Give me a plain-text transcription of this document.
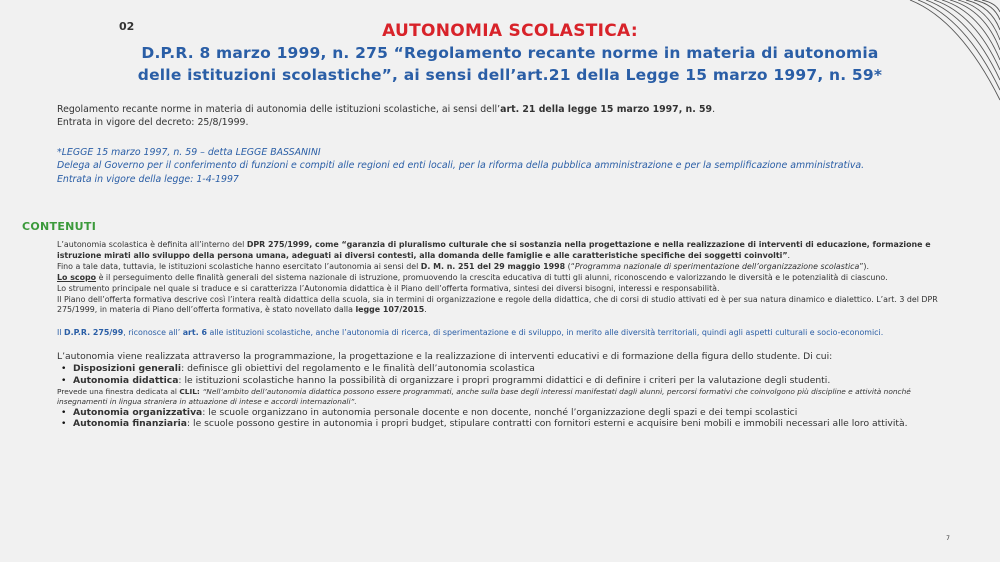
02	AUTONOMIA SCOLASTICA:
D.P.R. 8 marzo 1999, n. 275 “Regolamento recante norme in materia di autonomia
delle istituzioni scolastiche”, ai sensi dell’art.21 della Legge 15 marzo 1997, n. 59*
Regolamento recante norme in materia di autonomia delle istituzioni scolastiche, ai sensi dell’art. 21 della legge 15 marzo 1997, n. 59.
Entrata in vigore del decreto: 25/8/1999.
*LEGGE 15 marzo 1997, n. 59 – detta LEGGE BASSANINI
Delega al Governo per il conferimento di funzioni e compiti alle regioni ed enti locali, per la riforma della pubblica amministrazione e per la semplificazione amministrativa.
Entrata in vigore della legge: 1-4-1997
CONTENUTI

L’autonomia scolastica è definita all’interno del DPR 275/1999, come “garanzia di pluralismo culturale che si sostanzia nella progettazione e nella realizzazione di interventi di educazione, formazione e istruzione mirati allo sviluppo della persona umana, adeguati ai diversi contesti, alla domanda delle famiglie e alle caratteristiche specifiche dei soggetti coinvolti”.

Fino a tale data, tuttavia, le istituzioni scolastiche hanno esercitato l’autonomia ai sensi del D. M. n. 251 del 29 maggio 1998 (“Programma nazionale di sperimentazione dell’organizzazione scolastica”).

Lo scopo è il perseguimento delle finalità generali del sistema nazionale di istruzione, promuovendo la crescita educativa di tutti gli alunni, riconoscendo e valorizzando le diversità e le potenzialità di ciascuno.

Lo strumento principale nel quale si traduce e si caratterizza l’Autonomia didattica è il Piano dell’offerta formativa, sintesi dei diversi bisogni, interessi e responsabilità.

Il Piano dell’offerta formativa descrive così l’intera realtà didattica della scuola, sia in termini di organizzazione e regole della didattica, che di corsi di studio attivati ed è per sua natura dinamico e dialettico. L’art. 3 del DPR 275/1999, in materia di Piano dell’offerta formativa, è stato novellato dalla legge 107/2015.

Il D.P.R. 275/99, riconosce all’ art. 6 alle istituzioni scolastiche, anche l’autonomia di ricerca, di sperimentazione e di sviluppo, in merito alle diversità territoriali, quindi agli aspetti culturali e socio-economici.

L’autonomia viene realizzata attraverso la programmazione, la progettazione e la realizzazione di interventi educativi e di formazione della figura dello studente. Di cui:

• Disposizioni generali: definisce gli obiettivi del regolamento e le finalità dell’autonomia scolastica
• Autonomia didattica: le istituzioni scolastiche hanno la possibilità di organizzare i propri programmi didattici e di definire i criteri per la valutazione degli studenti.

Prevede una finestra dedicata al CLIL: “Nell’ambito dell’autonomia didattica possono essere programmati, anche sulla base degli interessi manifestati dagli alunni, percorsi formativi che coinvolgono più discipline e attività nonché insegnamenti in lingua straniera in attuazione di intese e accordi internazionali”.

• Autonomia organizzativa: le scuole organizzano in autonomia personale docente e non docente, nonché l’organizzazione degli spazi e dei tempi scolastici
• Autonomia finanziaria: le scuole possono gestire in autonomia i propri budget, stipulare contratti con fornitori esterni e acquisire beni mobili e immobili necessari alle loro attività.
7
